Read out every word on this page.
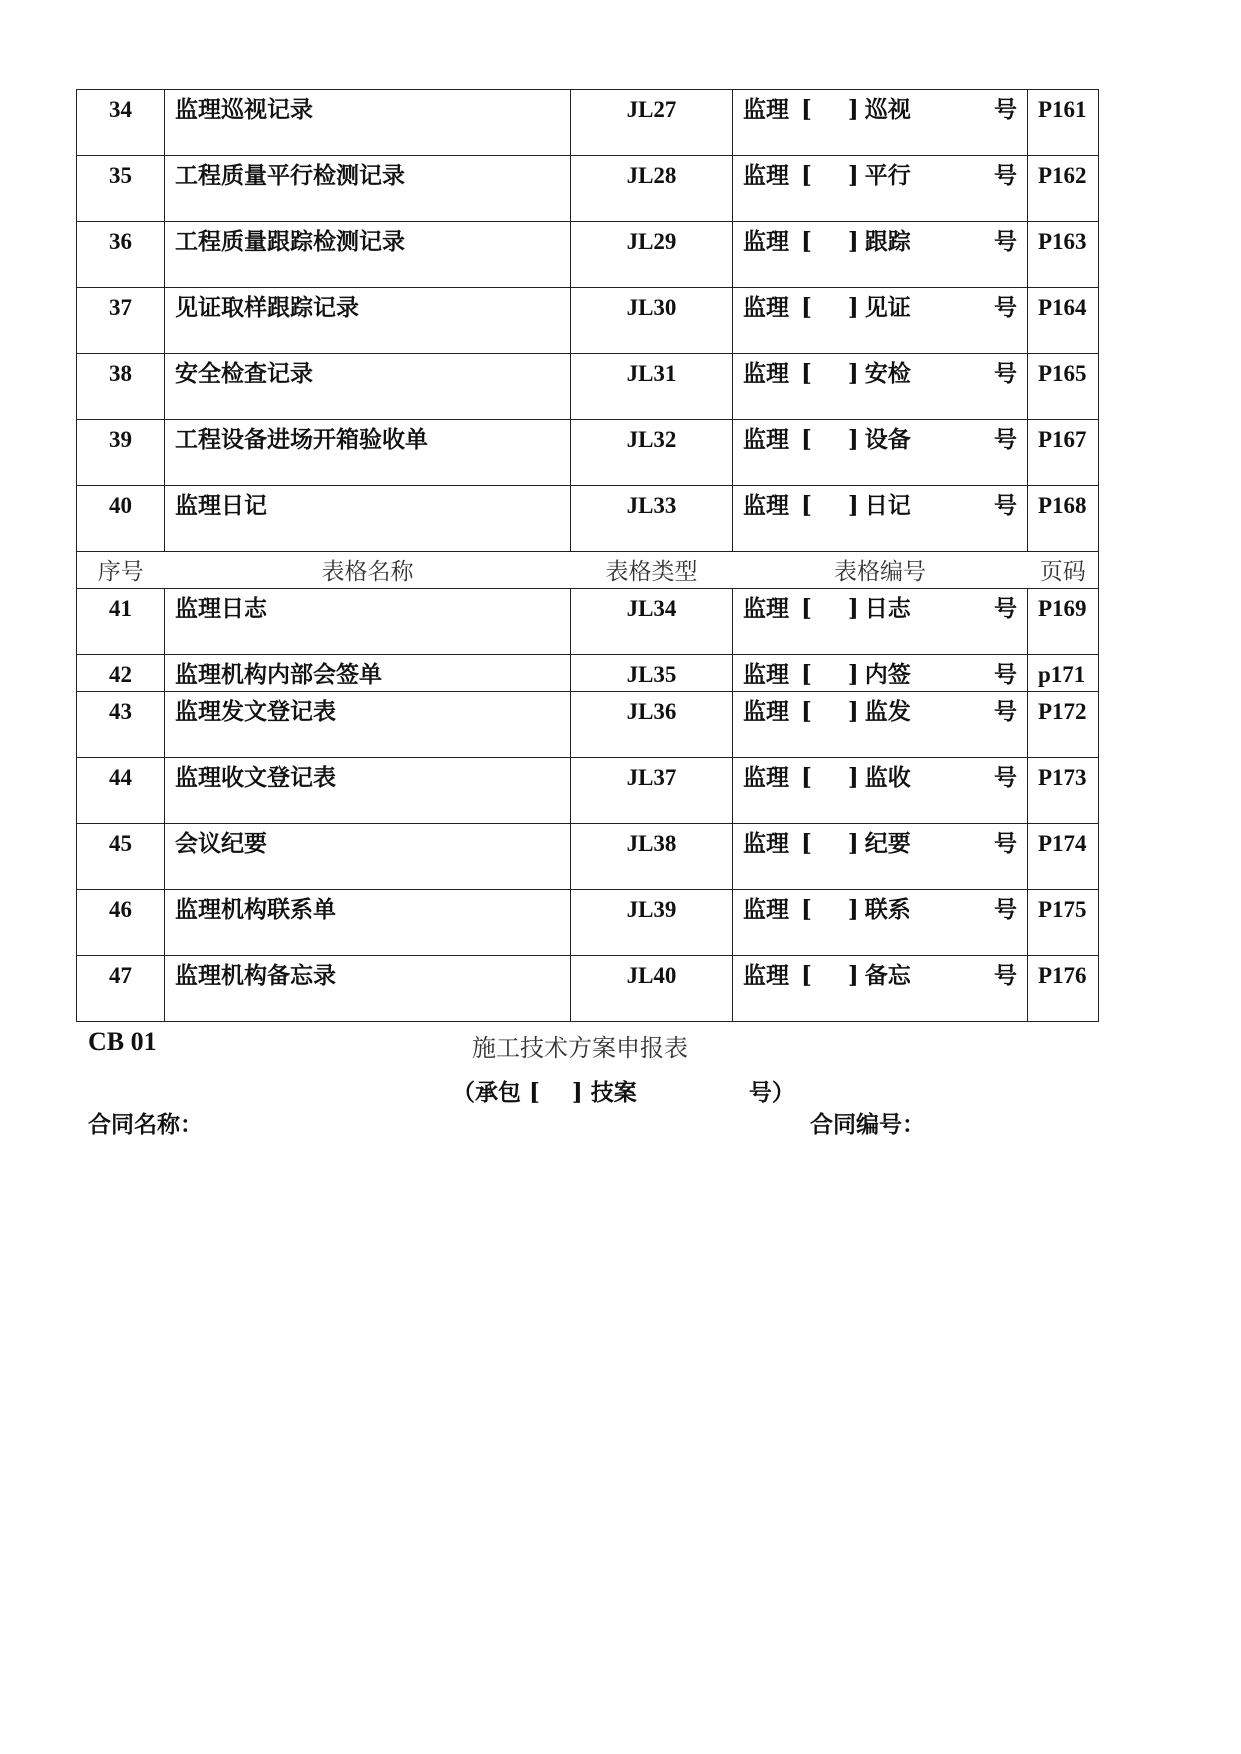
34	监理巡视记录	JL27	监理 [ ] 巡视 号	P161
35	工程质量平行检测记录	JL28	监理 [ ] 平行 号	P162
36	工程质量跟踪检测记录	JL29	监理 [ ] 跟踪 号	P163
37	见证取样跟踪记录	JL30	监理 [ ] 见证 号	P164
38	安全检查记录	JL31	监理 [ ] 安检 号	P165
39	工程设备进场开箱验收单	JL32	监理 [ ] 设备 号	P167
40	监理日记	JL33	监理 [ ] 日记 号	P168
序号	表格名称	表格类型	表格编号	页码
41	监理日志	JL34	监理 [ ] 日志 号	P169
42	监理机构内部会签单	JL35	监理 [ ] 内签 号	p171
43	监理发文登记表	JL36	监理 [ ] 监发 号	P172
44	监理收文登记表	JL37	监理 [ ] 监收 号	P173
45	会议纪要	JL38	监理 [ ] 纪要 号	P174
46	监理机构联系单	JL39	监理 [ ] 联系 号	P175
47	监理机构备忘录	JL40	监理 [ ] 备忘 号	P176
CB 01	施工技术方案申报表
（承包 [    ] 技案              号）
合同名称：	合同编号：
